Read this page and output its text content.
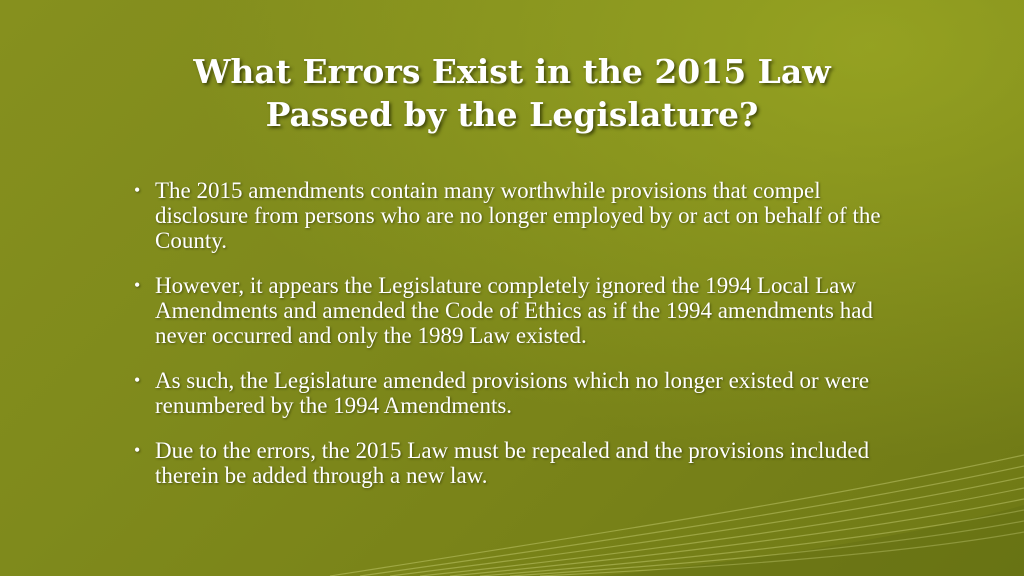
What Errors Exist in the 2015 Law
Passed by the Legislature?
• The 2015 amendments contain many worthwhile provisions that compel disclosure from persons who are no longer employed by or act on behalf of the County.
• However, it appears the Legislature completely ignored the 1994 Local Law Amendments and amended the Code of Ethics as if the 1994 amendments had never occurred and only the 1989 Law existed.
• As such, the Legislature amended provisions which no longer existed or were renumbered by the 1994 Amendments.
• Due to the errors, the 2015 Law must be repealed and the provisions included therein be added through a new law.
